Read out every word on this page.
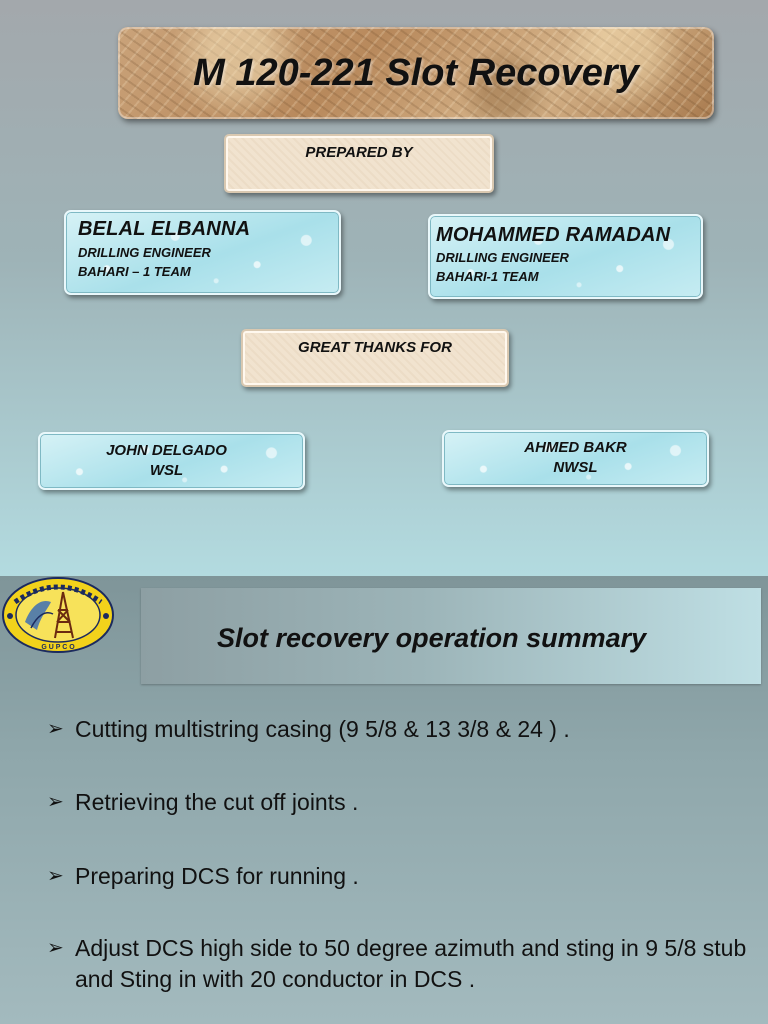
M 120-221 Slot Recovery
PREPARED BY
BELAL ELBANNA
DRILLING ENGINEER
BAHARI – 1 TEAM
MOHAMMED RAMADAN
DRILLING ENGINEER
BAHARI-1 TEAM
GREAT THANKS FOR
JOHN DELGADO
WSL
AHMED BAKR
NWSL
G U P C O	Slot recovery operation summary
➢ Cutting multistring casing (9 5/8 & 13 3/8 & 24 ) .
➢ Retrieving the cut off joints .
➢ Preparing DCS for running .
➢ Adjust DCS high side to 50 degree azimuth and sting in 9 5/8 stub and Sting in with 20 conductor in DCS .
